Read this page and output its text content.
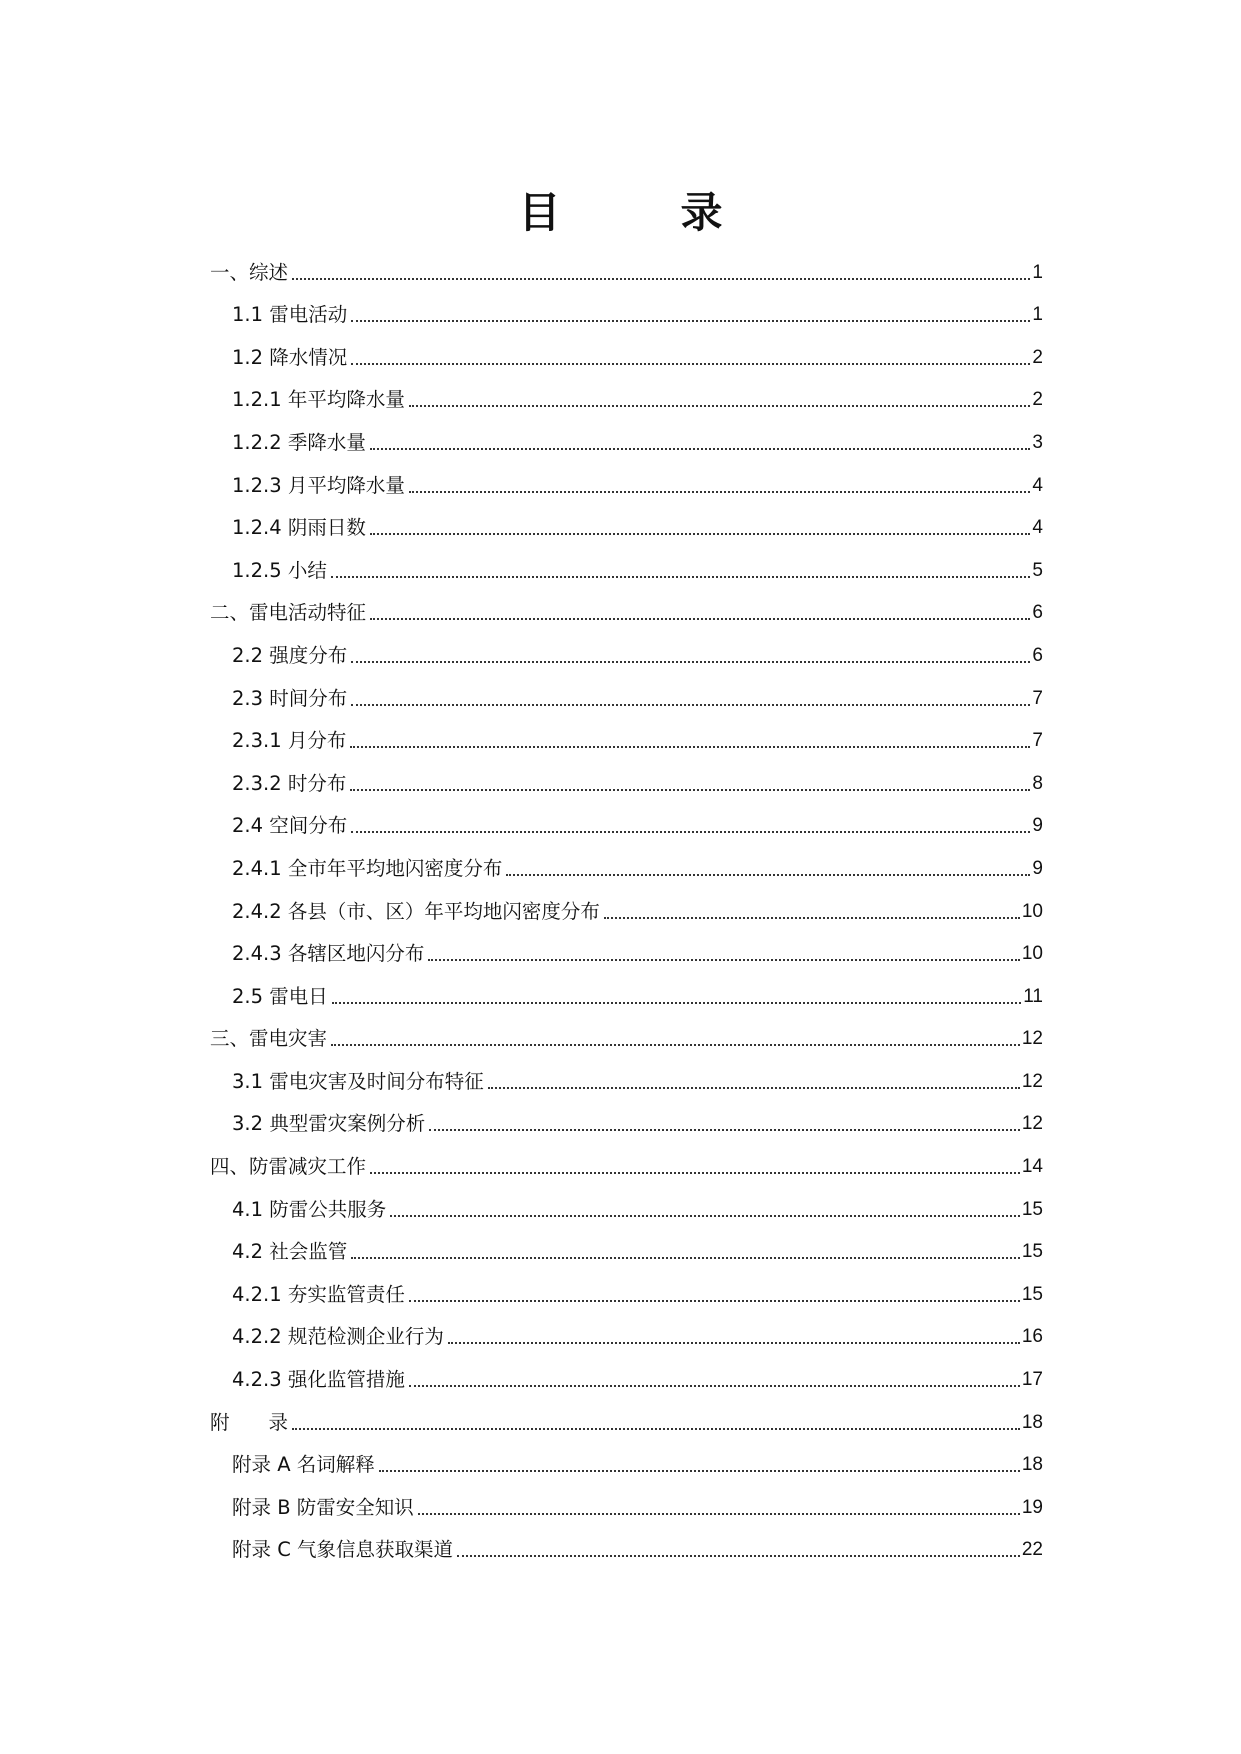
目	录
一、综述	1
1.1 雷电活动	1
1.2 降水情况	2
1.2.1 年平均降水量	2
1.2.2 季降水量	3
1.2.3 月平均降水量	4
1.2.4 阴雨日数	4
1.2.5 小结	5
二、雷电活动特征	6
2.2 强度分布	6
2.3 时间分布	7
2.3.1 月分布	7
2.3.2 时分布	8
2.4 空间分布	9
2.4.1 全市年平均地闪密度分布	9
2.4.2 各县（市、区）年平均地闪密度分布	10
2.4.3 各辖区地闪分布	10
2.5 雷电日	11
三、雷电灾害	12
3.1 雷电灾害及时间分布特征	12
3.2 典型雷灾案例分析	12
四、防雷减灾工作	14
4.1 防雷公共服务	15
4.2 社会监管	15
4.2.1 夯实监管责任	15
4.2.2 规范检测企业行为	16
4.2.3 强化监管措施	17
附　　录	18
附录 A 名词解释	18
附录 B 防雷安全知识	19
附录 C 气象信息获取渠道	22
